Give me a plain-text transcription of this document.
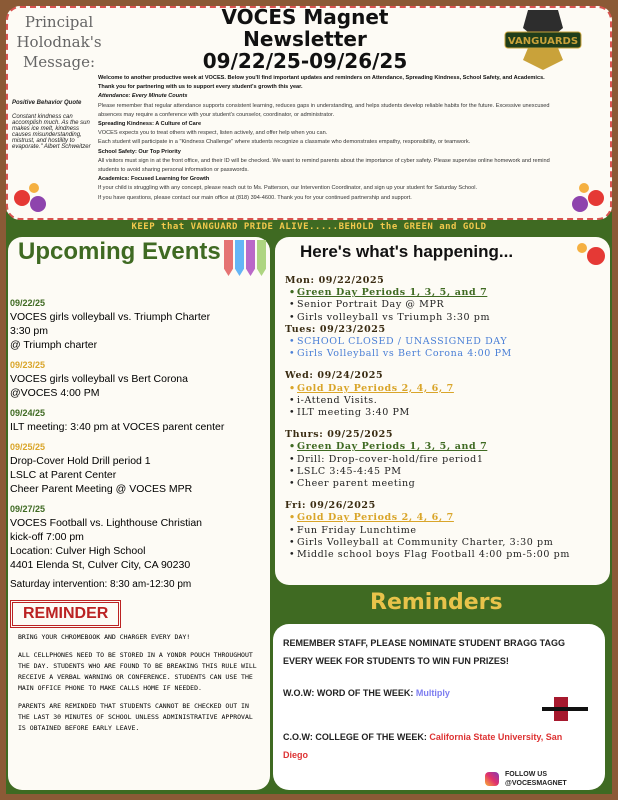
Principal Holodnak's Message:
VOCES Magnet
Newsletter
09/22/25-09/26/25
VANGUARDS
Positive Behavior Quote
Constant kindness can accomplish much. As the sun makes ice melt, kindness causes misunderstanding, mistrust, and hostility to evaporate." Albert Schweitzer
Welcome to another productive week at VOCES. Below you'll find important updates and reminders on Attendance, Spreading Kindness, School Safety, and Academics. Thank you for partnering with us to support every student's growth this year.
Attendance: Every Minute Counts
Please remember that regular attendance supports consistent learning, reduces gaps in understanding, and helps students develop reliable habits for the future. Excessive unexcused absences may require a conference with your student's counselor, coordinator, or administrator.
Spreading Kindness: A Culture of Care
VOCES expects you to treat others with respect, listen actively, and offer help when you can.
Each student will participate in a "Kindness Challenge" where students recognize a classmate who demonstrates empathy, responsibility, or teamwork.
School Safety: Our Top Priority
All visitors must sign in at the front office, and their ID will be checked. We want to remind parents about the importance of cyber safety. Please supervise online homework and remind students to avoid sharing personal information or passwords.
Academics: Focused Learning for Growth
If your child is struggling with any concept, please reach out to Ms. Patterson, our Intervention Coordinator, and sign up your student for Saturday School.
If you have questions, please contact our main office at (818) 394-4600. Thank you for your continued partnership and support.
KEEP that VANGUARD PRIDE ALIVE.....BEHOLD the GREEN and GOLD
Upcoming Events
09/22/25
VOCES girls volleyball vs. Triumph Charter
3:30 pm
@ Triumph charter
09/23/25
VOCES girls volleyball vs Bert Corona
@VOCES 4:00 PM
09/24/25
ILT meeting: 3:40 pm at VOCES parent center
09/25/25
Drop-Cover Hold Drill period 1
LSLC at Parent Center
Cheer Parent Meeting @ VOCES MPR
09/27/25
VOCES Football vs. Lighthouse Christian
kick-off 7:00 pm
Location: Culver High School
4401 Elenda St, Culver City, CA 90230
Saturday intervention: 8:30 am-12:30 pm
REMINDER
BRING YOUR CHROMEBOOK AND CHARGER EVERY DAY!
ALL CELLPHONES NEED TO BE STORED IN A YONDR POUCH THROUGHOUT THE DAY. STUDENTS WHO ARE FOUND TO BE BREAKING THIS RULE WILL RECEIVE A VERBAL WARNING OR CONFERENCE. STUDENTS CAN USE THE MAIN OFFICE PHONE TO MAKE CALLS HOME IF NEEDED.
PARENTS ARE REMINDED THAT STUDENTS CANNOT BE CHECKED OUT IN THE LAST 30 MINUTES OF SCHOOL UNLESS ADMINISTRATIVE APPROVAL IS OBTAINED BEFORE EARLY LEAVE.
Here's what's happening...
Mon: 09/22/2025
• Green Day Periods 1, 3, 5, and 7
• Senior Portrait Day @ MPR
• Girls volleyball vs Triumph 3:30 pm
Tues: 09/23/2025
• SCHOOL CLOSED / UNASSIGNED DAY
• Girls Volleyball vs Bert Corona 4:00 PM
Wed: 09/24/2025
• Gold Day Periods 2, 4, 6, 7
• i-Attend Visits.
• ILT meeting 3:40 PM
Thurs: 09/25/2025
• Green Day Periods 1, 3, 5, and 7
• Drill: Drop-cover-hold/fire period1
• LSLC 3:45-4:45 PM
• Cheer parent meeting
Fri: 09/26/2025
• Gold Day Periods 2, 4, 6, 7
• Fun Friday Lunchtime
• Girls Volleyball at Community Charter, 3:30 pm
• Middle school boys Flag Football 4:00 pm-5:00 pm
Reminders
REMEMBER STAFF, PLEASE NOMINATE STUDENT BRAGG TAGG EVERY WEEK FOR STUDENTS TO WIN FUN PRIZES!
W.O.W: WORD OF THE WEEK: Multiply
C.O.W: COLLEGE OF THE WEEK: California State University, San Diego
FOLLOW US
@VOCESMAGNET
